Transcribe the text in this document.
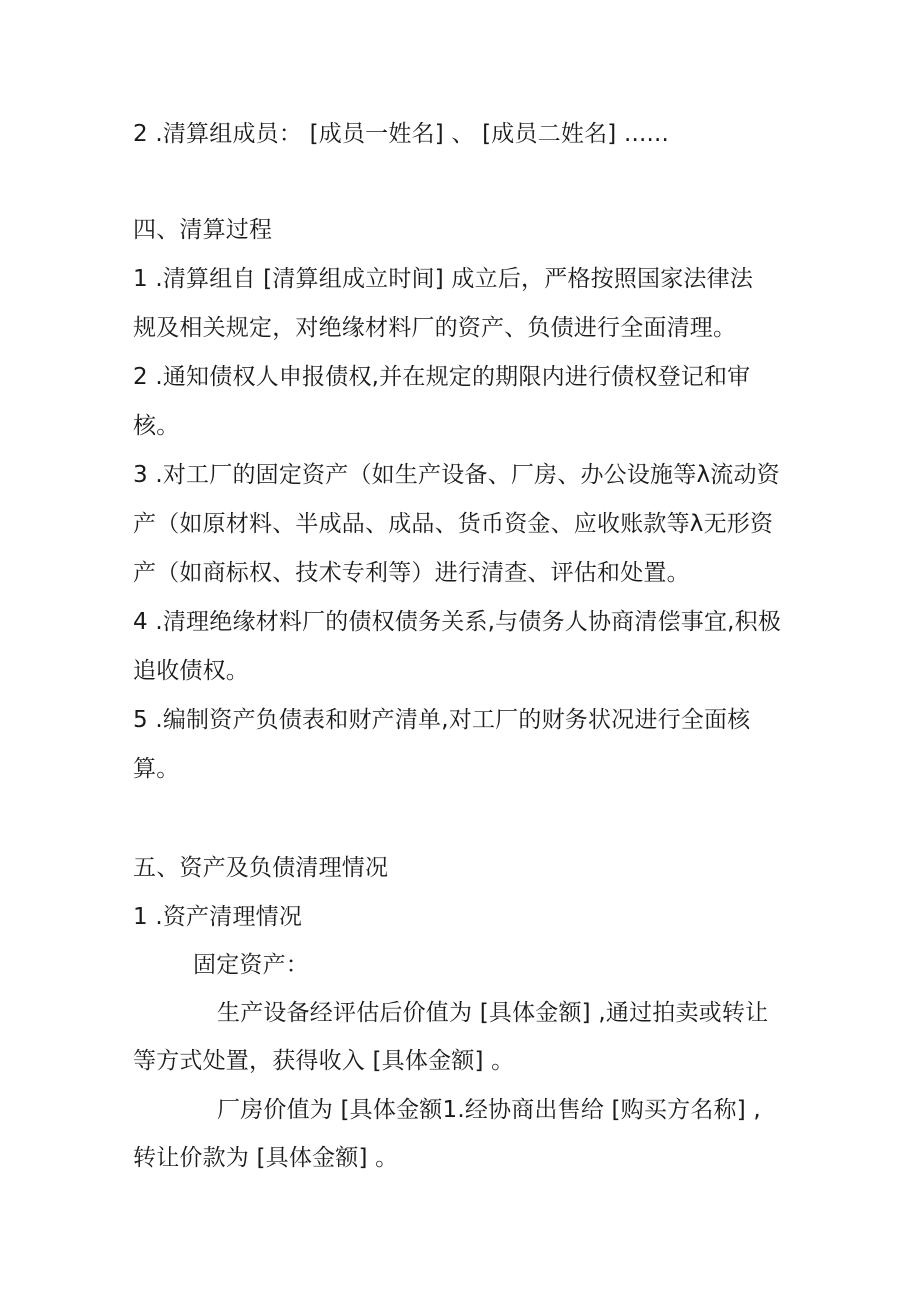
2 .清算组成员： [成员一姓名] 、 [成员二姓名] ......
四、清算过程
1 .清算组自 [清算组成立时间] 成立后，严格按照国家法律法
规及相关规定，对绝缘材料厂的资产、负债进行全面清理。
2 .通知债权人申报债权,并在规定的期限内进行债权登记和审
核。
3 .对工厂的固定资产（如生产设备、厂房、办公设施等λ流动资
产（如原材料、半成品、成品、货币资金、应收账款等λ无形资
产（如商标权、技术专利等）进行清查、评估和处置。
4 .清理绝缘材料厂的债权债务关系,与债务人协商清偿事宜,积极
追收债权。
5 .编制资产负债表和财产清单,对工厂的财务状况进行全面核
算。
五、资产及负债清理情况
1 .资产清理情况
固定资产：
生产设备经评估后价值为 [具体金额] ,通过拍卖或转让
等方式处置，获得收入 [具体金额] 。
厂房价值为 [具体金额1.经协商出售给 [购买方名称] ,
转让价款为 [具体金额] 。
